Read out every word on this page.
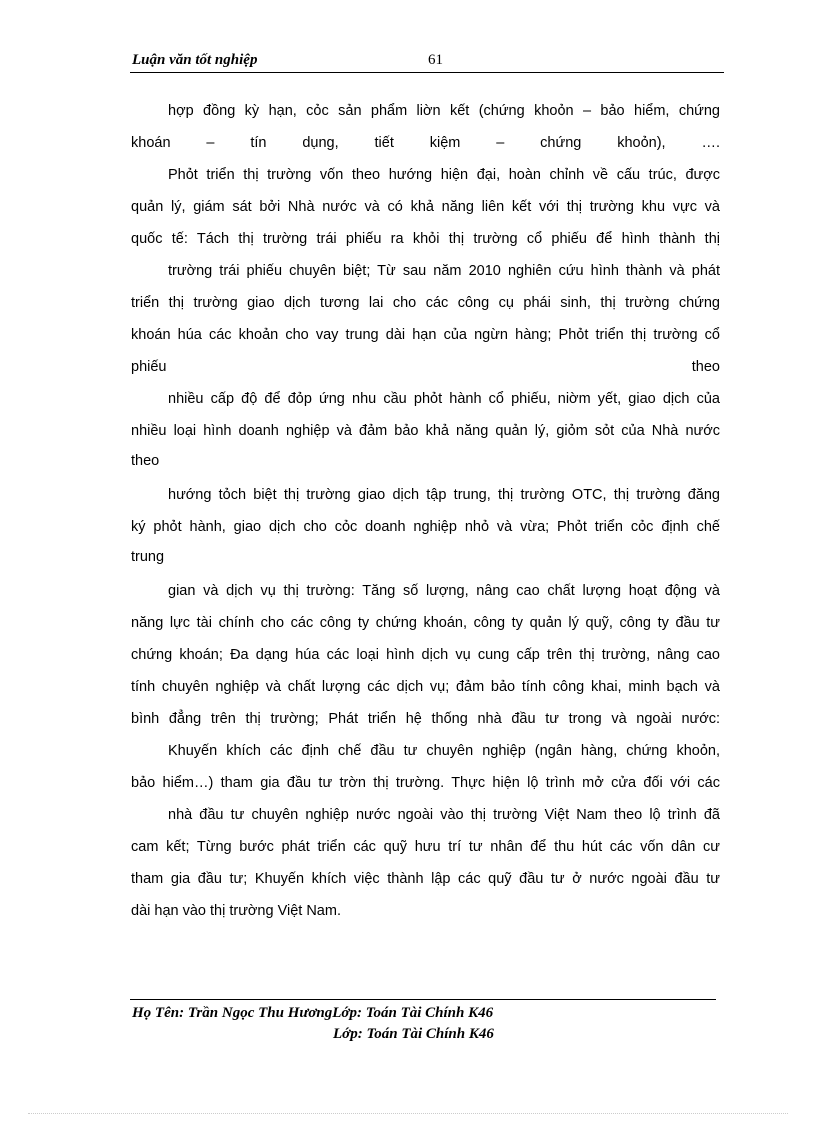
Luận văn tốt nghiệp	61
hợp đồng kỳ hạn, cỏc sản phẩm liờn kết (chứng khoỏn – bảo hiểm, chứng
khoán – tín dụng, tiết kiệm – chứng khoỏn), ….
Phỏt triển thị trường vốn theo hướng hiện đại, hoàn chỉnh về cấu trúc, được
quản lý, giám sát bởi Nhà nước và có khả năng liên kết với thị trường khu vực và
quốc tế: Tách thị trường trái phiếu ra khỏi thị trường cổ phiếu để hình thành thị
trường trái phiếu chuyên biệt; Từ sau năm 2010 nghiên cứu hình thành và phát
triển thị trường giao dịch tương lai cho các công cụ phái sinh, thị trường chứng
khoán húa các khoản cho vay trung dài hạn của ngừn hàng; Phỏt triển thị trường cổ
phiếu theo
nhiều cấp độ để đỏp ứng nhu cầu phỏt hành cổ phiếu, niờm yết, giao dịch của
nhiều loại hình doanh nghiệp và đảm bảo khả năng quản lý, giỏm sỏt của Nhà nước
theo
hướng tỏch biệt thị trường giao dịch tập trung, thị trường OTC, thị trường đăng
ký phỏt hành, giao dịch cho cỏc doanh nghiệp nhỏ và vừa; Phỏt triển cỏc định chế
trung
gian và dịch vụ thị trường: Tăng số lượng, nâng cao chất lượng hoạt động và
năng lực tài chính cho các công ty chứng khoán, công ty quản lý quỹ, công ty đầu tư
chứng khoán; Đa dạng húa các loại hình dịch vụ cung cấp trên thị trường, nâng cao
tính chuyên nghiệp và chất lượng các dịch vụ; đảm bảo tính công khai, minh bạch và
bình đẳng trên thị trường; Phát triển hệ thống nhà đầu tư trong và ngoài nước:
Khuyến khích các định chế đầu tư chuyên nghiệp (ngân hàng, chứng khoỏn,
bảo hiểm…) tham gia đầu tư trờn thị trường. Thực hiện lộ trình mở cửa đối với các
nhà đầu tư chuyên nghiệp nước ngoài vào thị trường Việt Nam theo lộ trình đã
cam kết; Từng bước phát triển các quỹ hưu trí tư nhân để thu hút các vốn dân cư
tham gia đầu tư; Khuyến khích việc thành lập các quỹ đầu tư ở nước ngoài đầu tư
dài hạn vào thị trường Việt Nam.
Họ Tên: Trần Ngọc Thu HươngLớp: Toán Tài Chính K46
Lớp: Toán Tài Chính K46
